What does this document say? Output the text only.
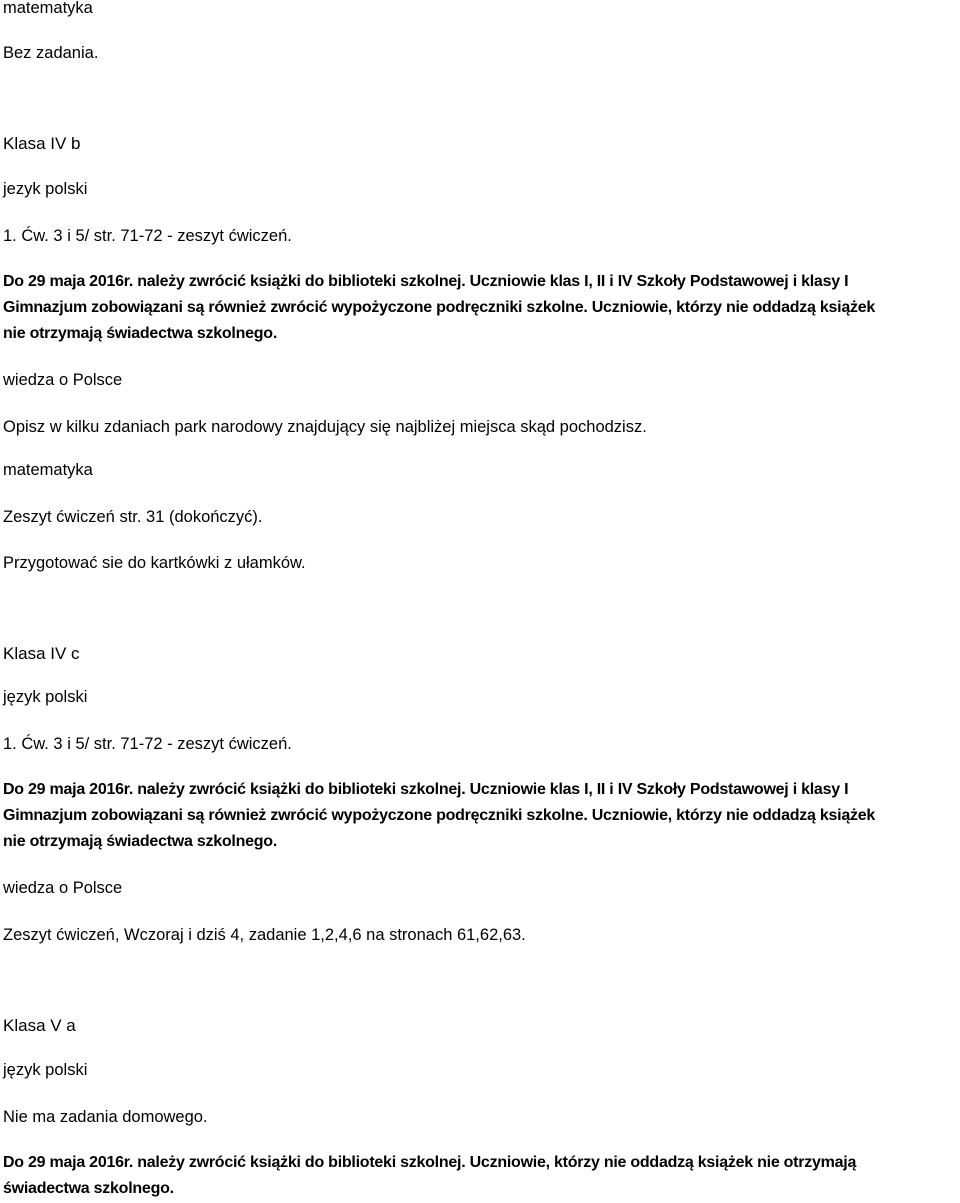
matematyka

Bez zadania.

Klasa IV b

jezyk polski

1. Ćw. 3 i 5/ str. 71-72 - zeszyt ćwiczeń.

Do 29 maja 2016r. należy zwrócić książki do biblioteki szkolnej. Uczniowie klas I, II i IV Szkoły Podstawowej i klasy I

Gimnazjum zobowiązani są również zwrócić wypożyczone podręczniki szkolne. Uczniowie, którzy nie oddadzą książek

nie otrzymają świadectwa szkolnego.

wiedza o Polsce

Opisz w kilku zdaniach park narodowy znajdujący się najbliżej miejsca skąd pochodzisz.

matematyka

Zeszyt ćwiczeń str. 31 (dokończyć).

Przygotować sie do kartkówki z ułamków.

Klasa IV c

język polski

1. Ćw. 3 i 5/ str. 71-72 - zeszyt ćwiczeń.

Do 29 maja 2016r. należy zwrócić książki do biblioteki szkolnej. Uczniowie klas I, II i IV Szkoły Podstawowej i klasy I

Gimnazjum zobowiązani są również zwrócić wypożyczone podręczniki szkolne. Uczniowie, którzy nie oddadzą książek

nie otrzymają świadectwa szkolnego.

wiedza o Polsce

Zeszyt ćwiczeń, Wczoraj i dziś 4, zadanie 1,2,4,6 na stronach 61,62,63.

Klasa V a

język polski

Nie ma zadania domowego.

Do 29 maja 2016r. należy zwrócić książki do biblioteki szkolnej. Uczniowie, którzy nie oddadzą książek nie otrzymają

świadectwa szkolnego.
